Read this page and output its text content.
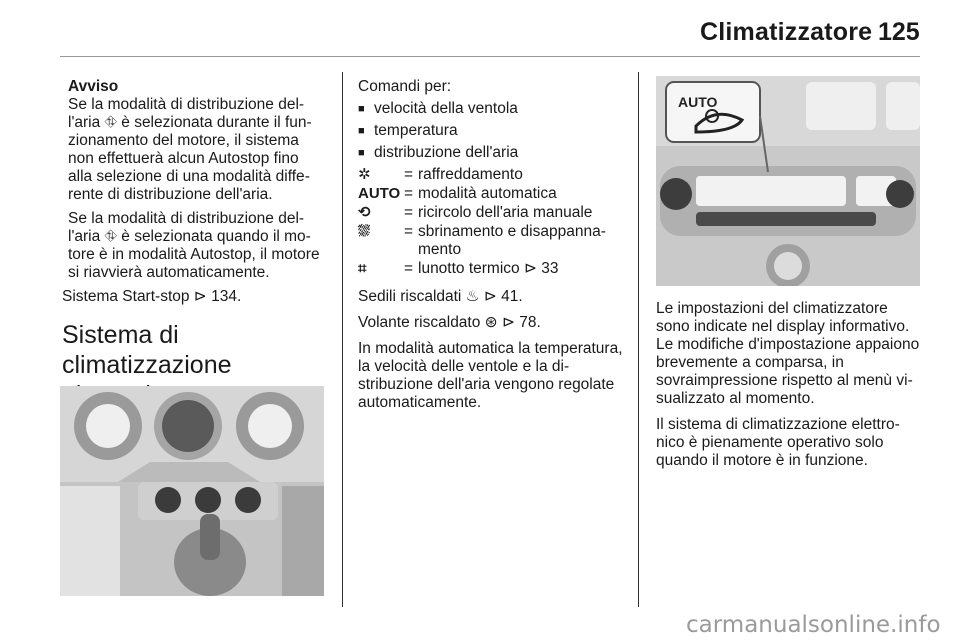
Climatizzatore 125

Avviso

Se la modalità di distribuzione dell'aria ⛗ è selezionata durante il funzionamento del motore, il sistema non effettuerà alcun Autostop fino alla selezione di una modalità differente di distribuzione dell'aria.

Se la modalità di distribuzione dell'aria ⛗ è selezionata quando il motore è in modalità Autostop, il motore si riavvierà automaticamente.

Sistema Start-stop ⊳ 134.

Sistema di climatizzazione

Comandi per:

■ velocità della ventola
■ temperatura
■ distribuzione dell'aria
✲	= raffreddamento
AUTO = modalità automatica
⟲	= ricircolo dell'aria manuale
⛆	= sbrinamento e disappannamento
⌗	= lunotto termico ⊳ 33

Sedili riscaldati ♨ ⊳ 41.

Volante riscaldato ⊛ ⊳ 78.

In modalità automatica la temperatura, la velocità delle ventole e la distribuzione dell'aria vengono regolate automaticamente.

AUTO

Le impostazioni del climatizzatore sono indicate nel display informativo. Le modifiche d'impostazione appaiono brevemente a comparsa, in sovraimpressione rispetto al menù visualizzato al momento.

Il sistema di climatizzazione elettronico è pienamente operativo solo quando il motore è in funzione.

carmanualsonline.info
